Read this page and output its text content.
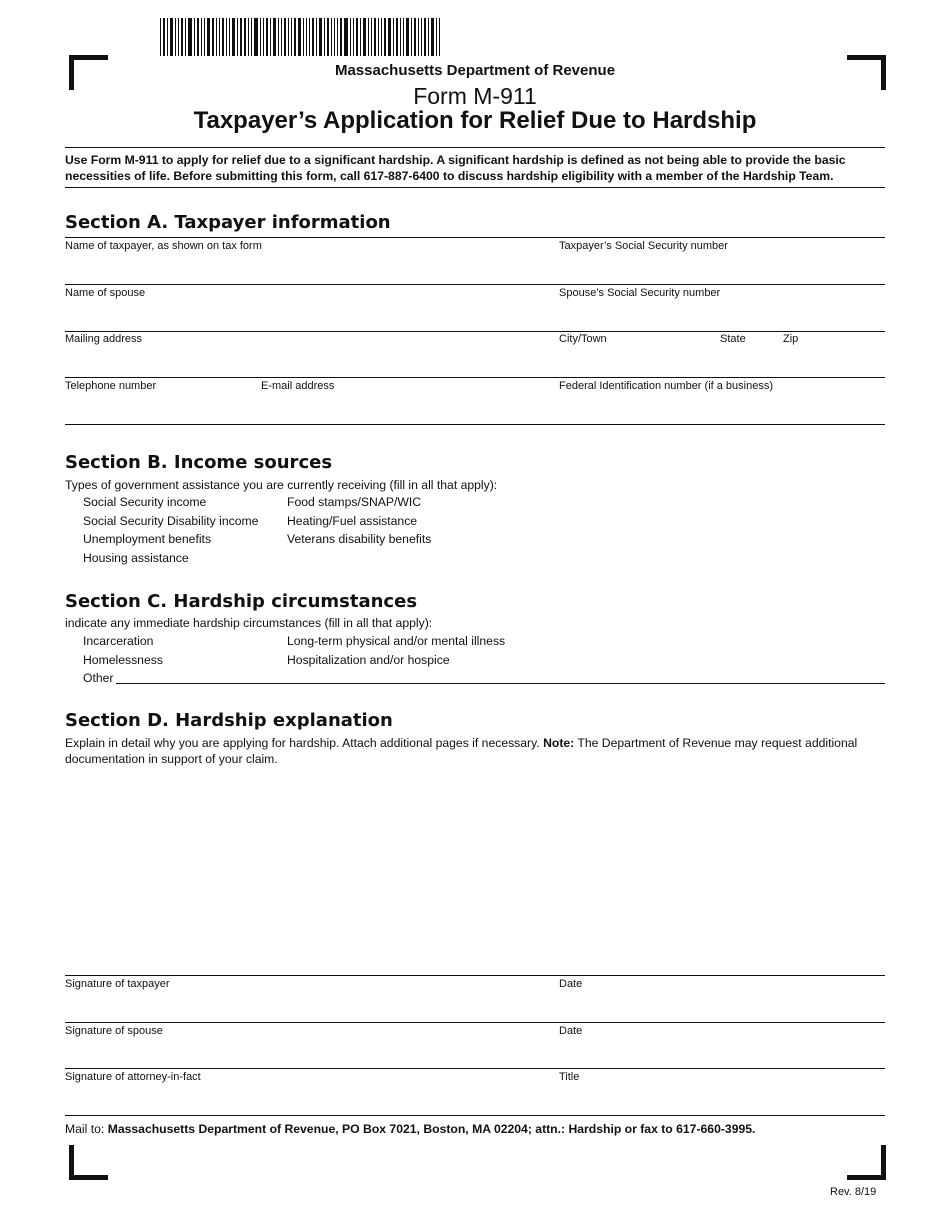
Massachusetts Department of Revenue
Form M-911
Taxpayer’s Application for Relief Due to Hardship
Use Form M-911 to apply for relief due to a significant hardship. A significant hardship is defined as not being able to provide the basic necessities of life. Before submitting this form, call 617-887-6400 to discuss hardship eligibility with a member of the Hardship Team.
Section A. Taxpayer information
Name of taxpayer, as shown on tax form	Taxpayer’s Social Security number
Name of spouse	Spouse’s Social Security number
Mailing address	City/Town	State	Zip
Telephone number	E-mail address	Federal Identification number (if a business)
Section B. Income sources
Types of government assistance you are currently receiving (fill in all that apply):
Social Security income
Social Security Disability income
Unemployment benefits
Housing assistance
Food stamps/SNAP/WIC
Heating/Fuel assistance
Veterans disability benefits
Section C. Hardship circumstances
indicate any immediate hardship circumstances (fill in all that apply):
Incarceration
Homelessness
Long-term physical and/or mental illness
Hospitalization and/or hospice
Other
Section D. Hardship explanation
Explain in detail why you are applying for hardship. Attach additional pages if necessary. Note: The Department of Revenue may request additional documentation in support of your claim.
Signature of taxpayer	Date
Signature of spouse	Date
Signature of attorney-in-fact	Title
Mail to: Massachusetts Department of Revenue, PO Box 7021, Boston, MA 02204; attn.: Hardship or fax to 617-660-3995.
Rev. 8/19
